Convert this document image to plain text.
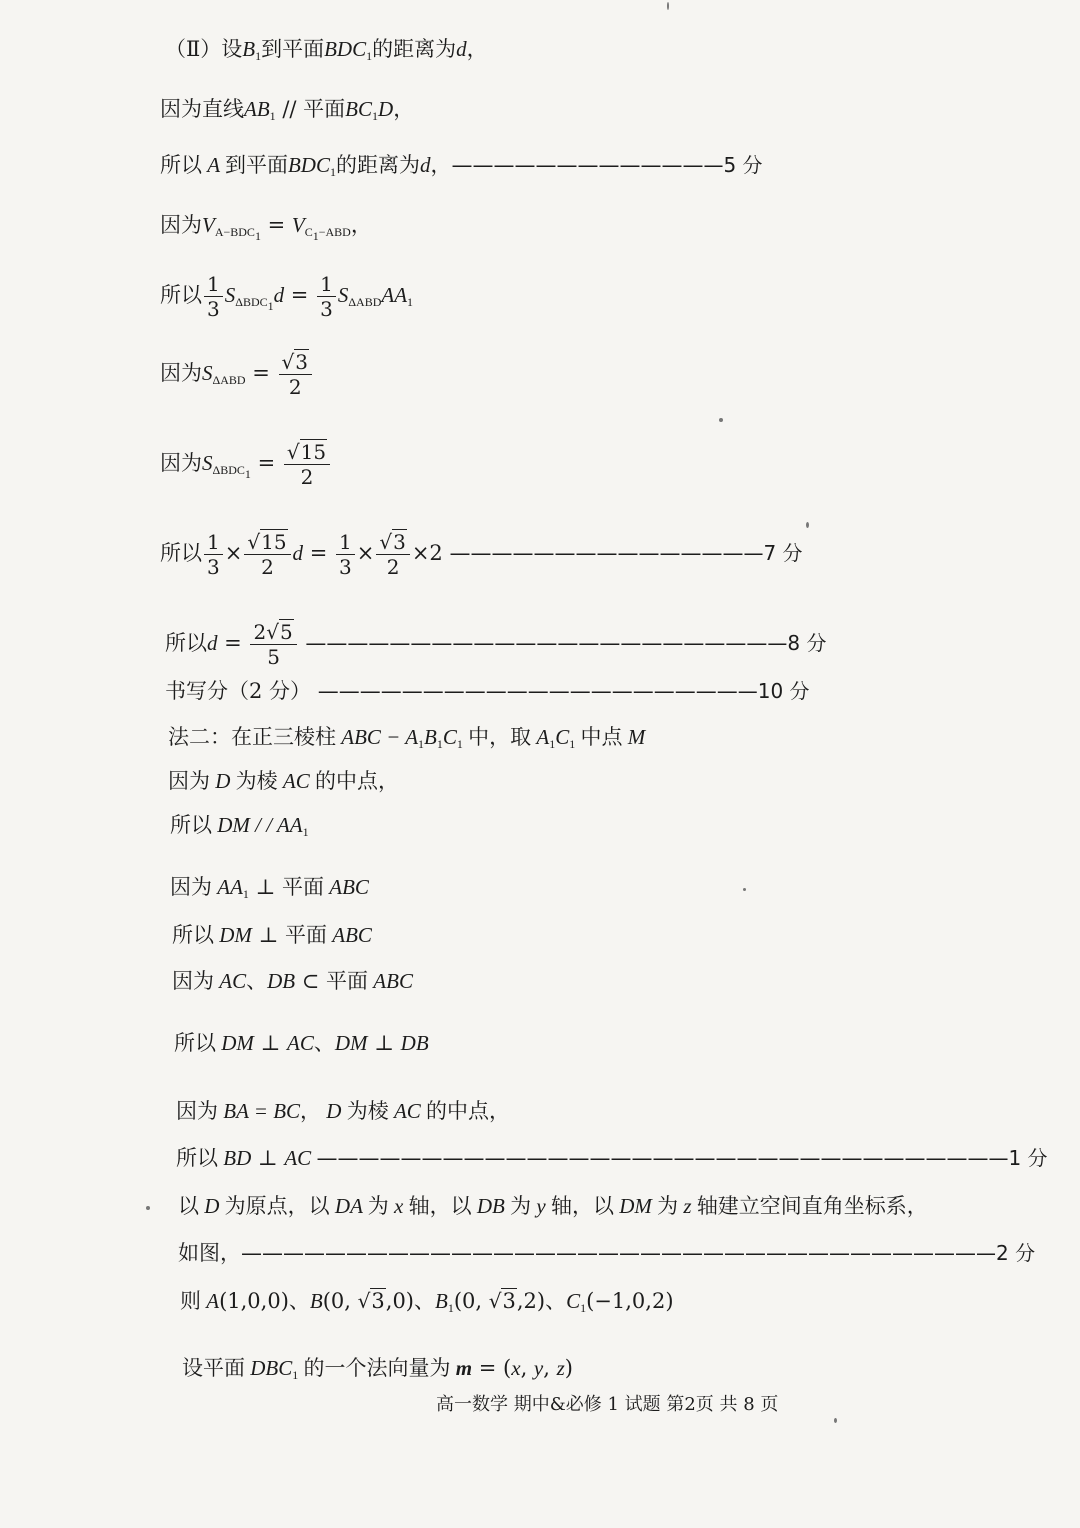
（Ⅱ）设$B_1$到平面$BDC_1$的距离为d，
因为直线$AB_1$ // 平面$BC_1D$，
所以 A 到平面$BDC_1$的距离为d，—————————————5 分
因为$V_{A-BDC_1} = V_{C_1-ABD}$，
所以 $\frac{1}{3} S_{\Delta BDC_1}d = \frac{1}{3} S_{\Delta ABD}AA_1$
因为$S_{\Delta ABD} = \frac{√3}{2}$
因为$S_{\Delta BDC_1} = \frac{√15}{2}$
所以 $\frac{1}{3} \times \frac{√15}{2}$ $d = \frac{1}{3} \times \frac{√3}{2} \times 2$ ———————————————7 分
所以$d = \frac{2√5}{5}$ ———————————————————————8 分
书写分（2 分） —————————————————————10 分
法二：在正三棱柱 ABC − $A_1B_1C_1$ 中，取 $A_1C_1$ 中点 M
因为 D 为棱 AC 的中点，
所以 DM / / $AA_1$
因为 $AA_1$ ⊥ 平面 ABC
所以 DM ⊥ 平面 ABC
因为 AC、DB ⊂ 平面 ABC
所以 DM ⊥ AC、DM ⊥ DB
因为 BA = BC， D 为棱 AC 的中点，
所以 BD ⊥ AC —————————————————————————————————1 分
以 D 为原点，以 DA 为 x 轴，以 DB 为 y 轴，以 DM 为 z 轴建立空间直角坐标系，
如图，————————————————————————————————————2 分
则 A(1,0,0)、B(0, √3,0)、$B_1(0$, √3,2)、$C_1(-1,0,2)$
设平面 $DBC_1$ 的一个法向量为 m = (x, y, z)
高一数学 期中&必修 1 试题 第2页 共 8 页
